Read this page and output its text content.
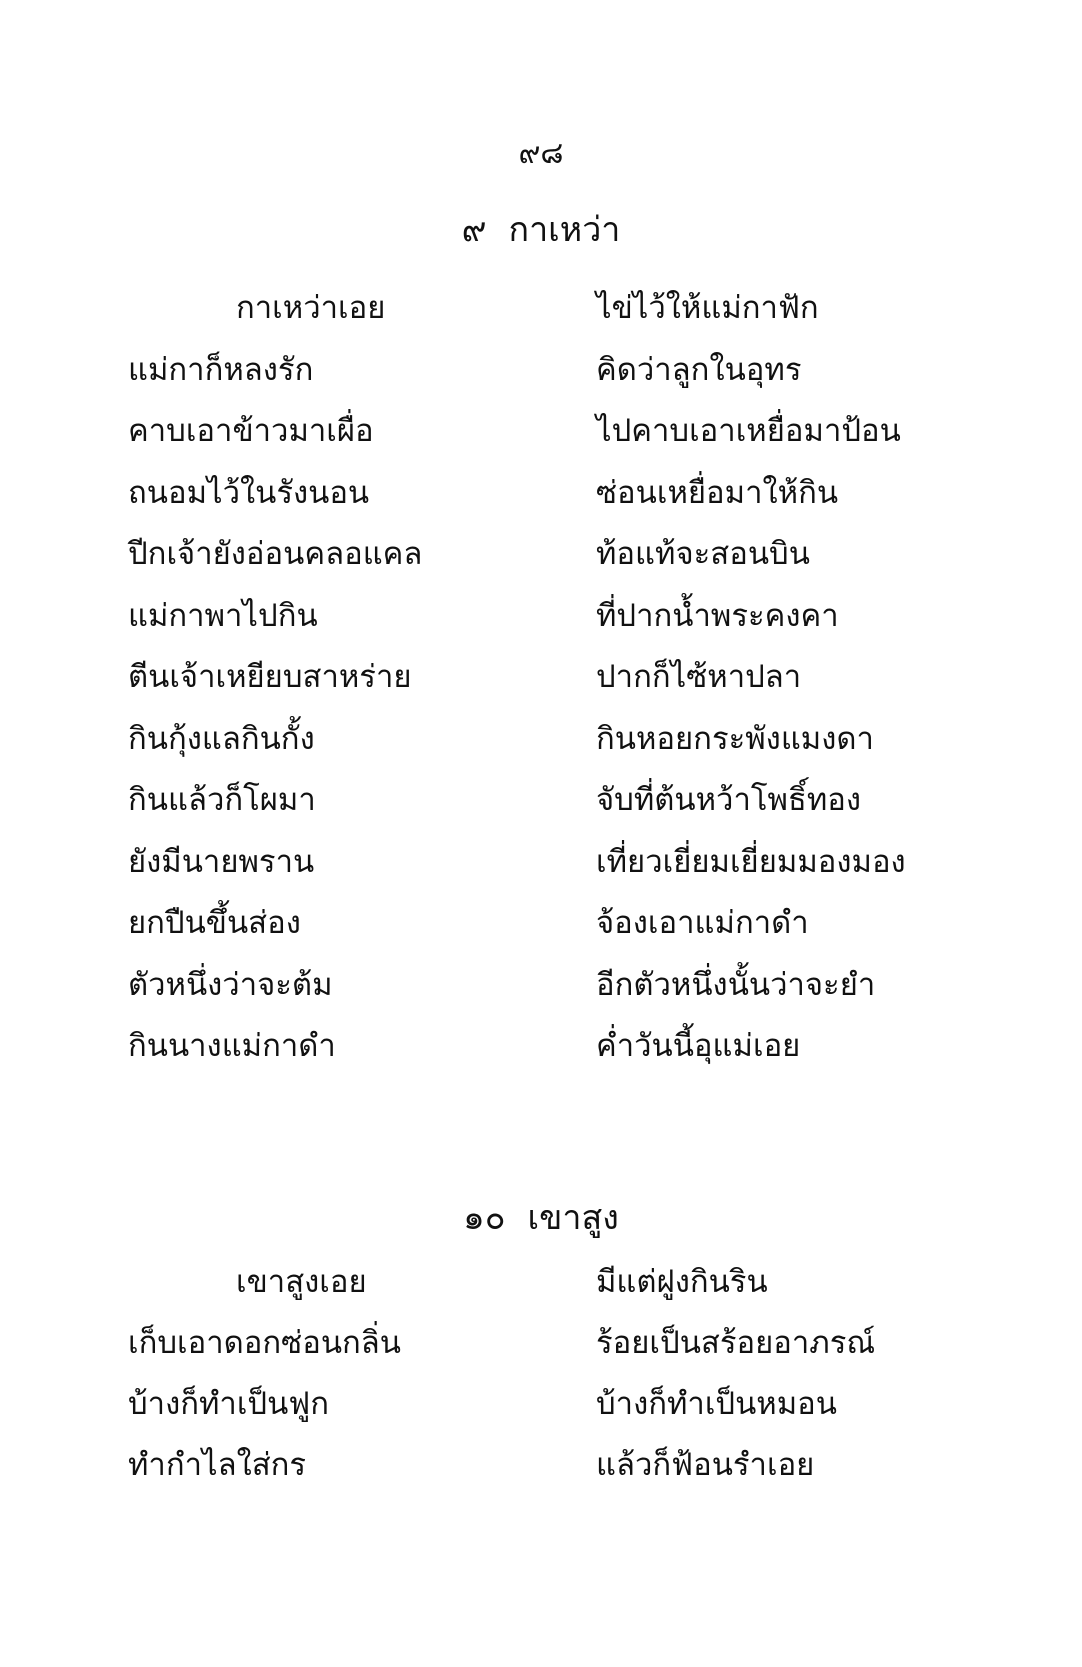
๙๘
๙ กาเหว่า
กาเหว่าเอย	ไข่ไว้ให้แม่กาฟัก
แม่กาก็หลงรัก	คิดว่าลูกในอุทร
คาบเอาข้าวมาเผื่อ	ไปคาบเอาเหยื่อมาป้อน
ถนอมไว้ในรังนอน	ซ่อนเหยื่อมาให้กิน
ปีกเจ้ายังอ่อนคลอแคล	ท้อแท้จะสอนบิน
แม่กาพาไปกิน	ที่ปากน้ำพระคงคา
ตีนเจ้าเหยียบสาหร่าย	ปากก็ไซ้หาปลา
กินกุ้งแลกินกั้ง	กินหอยกระพังแมงดา
กินแล้วก็โผมา	จับที่ต้นหว้าโพธิ์ทอง
ยังมีนายพราน	เที่ยวเยี่ยมเยี่ยมมองมอง
ยกปืนขึ้นส่อง	จ้องเอาแม่กาดำ
ตัวหนึ่งว่าจะต้ม	อีกตัวหนึ่งนั้นว่าจะยำ
กินนางแม่กาดำ	ค่ำวันนี้อุแม่เอย
๑๐ เขาสูง
เขาสูงเอย	มีแต่ฝูงกินริน
เก็บเอาดอกซ่อนกลิ่น	ร้อยเป็นสร้อยอาภรณ์
บ้างก็ทำเป็นฟูก	บ้างก็ทำเป็นหมอน
ทำกำไลใส่กร	แล้วก็ฟ้อนรำเอย
